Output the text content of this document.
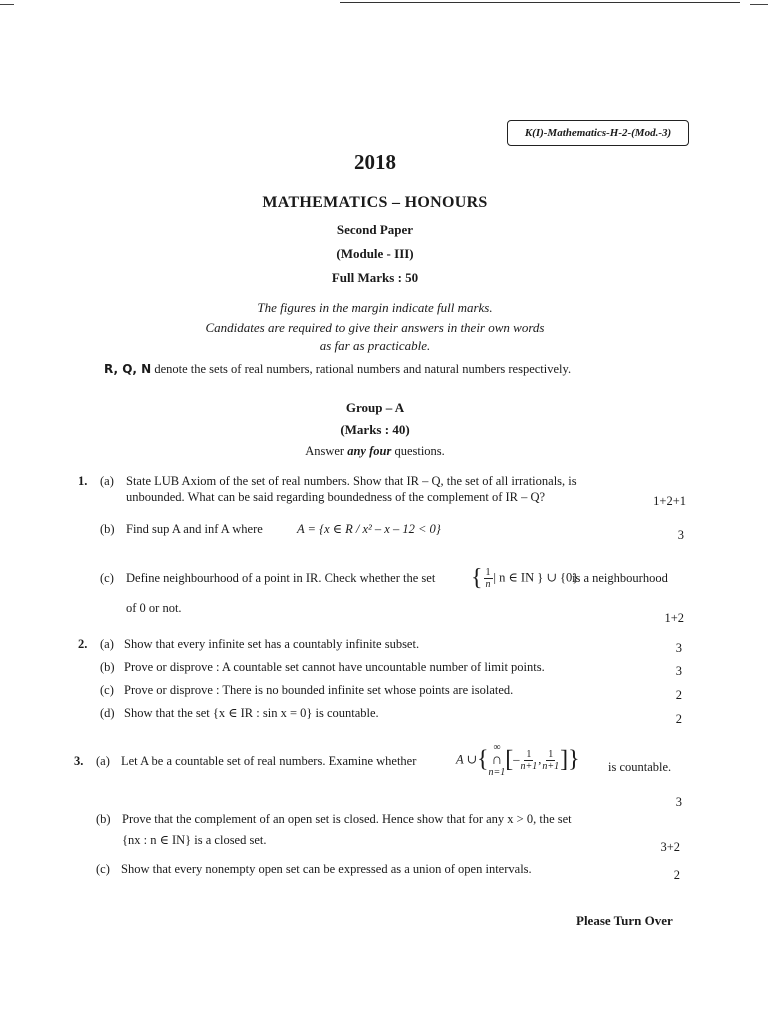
K(I)-Mathematics-H-2-(Mod.-3)
2018
MATHEMATICS – HONOURS
Second Paper
(Module - III)
Full Marks : 50
The figures in the margin indicate full marks.
Candidates are required to give their answers in their own words
as far as practicable.
R, Q, N denote the sets of real numbers, rational numbers and natural numbers respectively.
Group – A
(Marks : 40)
Answer any four questions.
1. (a) State LUB Axiom of the set of real numbers. Show that IR – Q, the set of all irrationals, is
unbounded. What can be said regarding boundedness of the complement of IR – Q?	1+2+1
(b) Find sup A and inf A where	A = {x ∈ R / x² – x – 12 < 0}	3
(c) Define neighbourhood of a point in IR. Check whether the set { $\frac{1}{n}$ | n ∈ IN } ∪ {0}
is a neighbourhood
of 0 or not.
1+2
2. (a) Show that every infinite set has a countably infinite subset.	3
(b) Prove or disprove : A countable set cannot have uncountable number of limit points.	3
(c) Prove or disprove : There is no bounded infinite set whose points are isolated.	2
(d) Show that the set {x ∈ IR : sin x = 0} is countable.	2
3. (a) Let A be a countable set of real numbers. Examine whether	A ∪{ ∞
∩
n=1 [– $\frac{1}{n+1}$ , $\frac{1}{n+1}$ ]} is countable.
3
(b) Prove that the complement of an open set is closed. Hence show that for any x > 0, the set
{nx : n ∈ IN} is a closed set.	3+2
(c) Show that every nonempty open set can be expressed as a union of open intervals.	2
Please Turn Over
